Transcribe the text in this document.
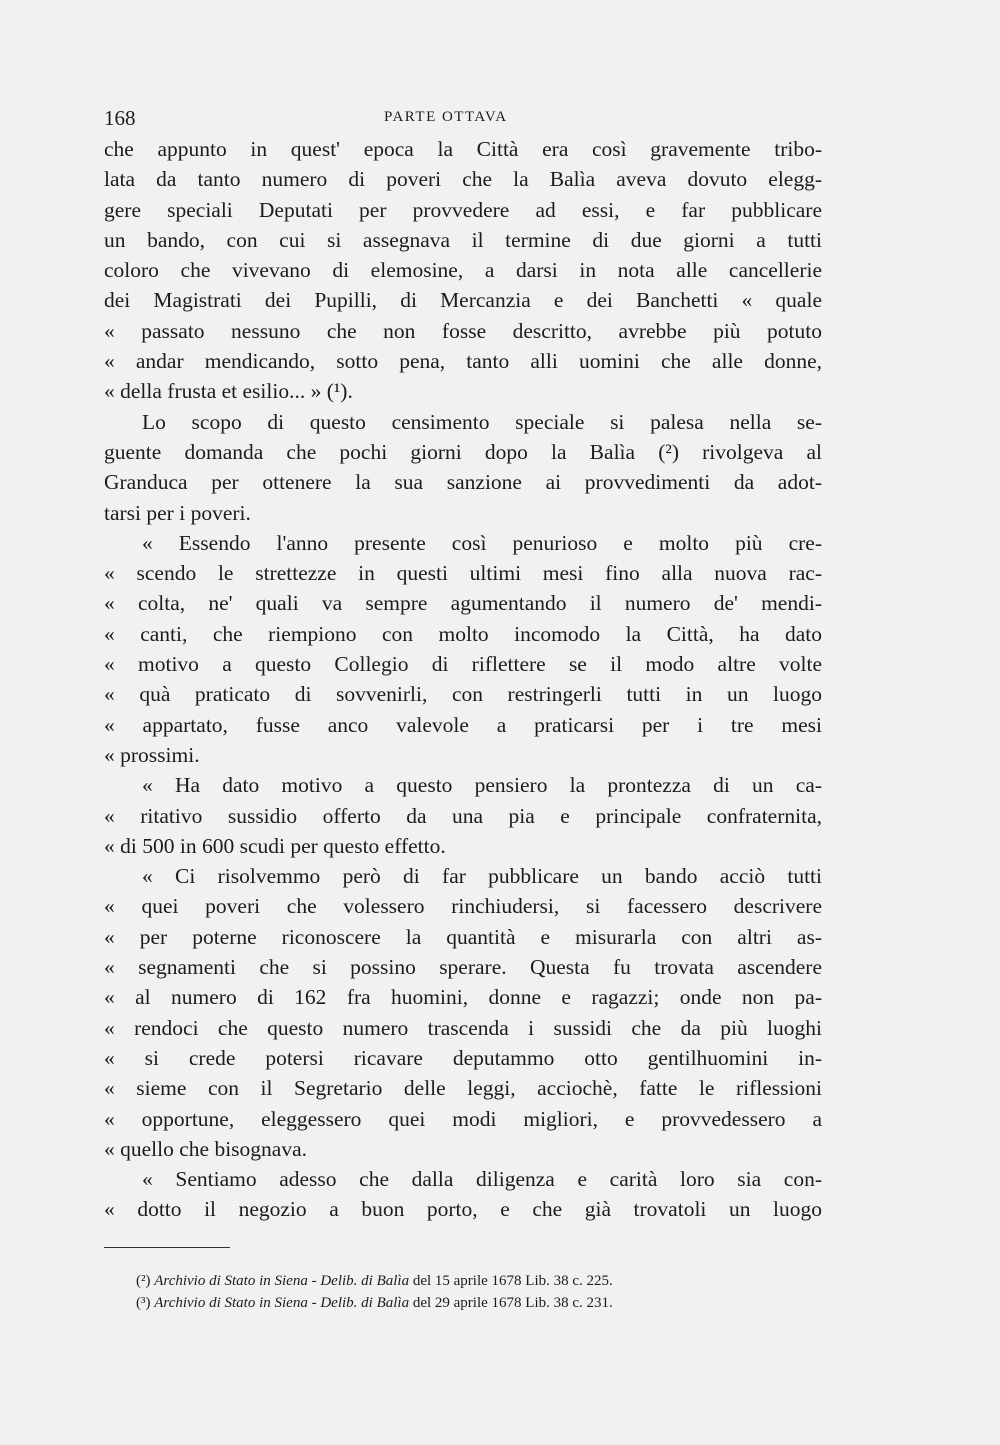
168	PARTE OTTAVA
che appunto in quest' epoca la Città era così gravemente tribo-
lata da tanto numero di poveri che la Balìa aveva dovuto elegg-
gere speciali Deputati per provvedere ad essi, e far pubblicare
un bando, con cui si assegnava il termine di due giorni a tutti
coloro che vivevano di elemosine, a darsi in nota alle cancellerie
dei Magistrati dei Pupilli, di Mercanzia e dei Banchetti « quale
« passato nessuno che non fosse descritto, avrebbe più potuto
« andar mendicando, sotto pena, tanto alli uomini che alle donne,
« della frusta et esilio... » (¹).
Lo scopo di questo censimento speciale si palesa nella se-
guente domanda che pochi giorni dopo la Balìa (²) rivolgeva al
Granduca per ottenere la sua sanzione ai provvedimenti da adot-
tarsi per i poveri.
« Essendo l'anno presente così penurioso e molto più cre-
« scendo le strettezze in questi ultimi mesi fino alla nuova rac-
« colta, ne' quali va sempre agumentando il numero de' mendi-
« canti, che riempiono con molto incomodo la Città, ha dato
« motivo a questo Collegio di riflettere se il modo altre volte
« quà praticato di sovvenirli, con restringerli tutti in un luogo
« appartato, fusse anco valevole a praticarsi per i tre mesi
« prossimi.
« Ha dato motivo a questo pensiero la prontezza di un ca-
« ritativo sussidio offerto da una pia e principale confraternita,
« di 500 in 600 scudi per questo effetto.
« Ci risolvemmo però di far pubblicare un bando acciò tutti
« quei poveri che volessero rinchiudersi, si facessero descrivere
« per poterne riconoscere la quantità e misurarla con altri as-
« segnamenti che si possino sperare. Questa fu trovata ascendere
« al numero di 162 fra huomini, donne e ragazzi; onde non pa-
« rendoci che questo numero trascenda i sussidi che da più luoghi
« si crede potersi ricavare deputammo otto gentilhuomini in-
« sieme con il Segretario delle leggi, acciochè, fatte le riflessioni
« opportune, eleggessero quei modi migliori, e provvedessero a
« quello che bisognava.
« Sentiamo adesso che dalla diligenza e carità loro sia con-
« dotto il negozio a buon porto, e che già trovatoli un luogo
(²) Archivio di Stato in Siena - Delib. di Balìa del 15 aprile 1678 Lib. 38 c. 225.
(³) Archivio di Stato in Siena - Delib. di Balìa del 29 aprile 1678 Lib. 38 c. 231.
